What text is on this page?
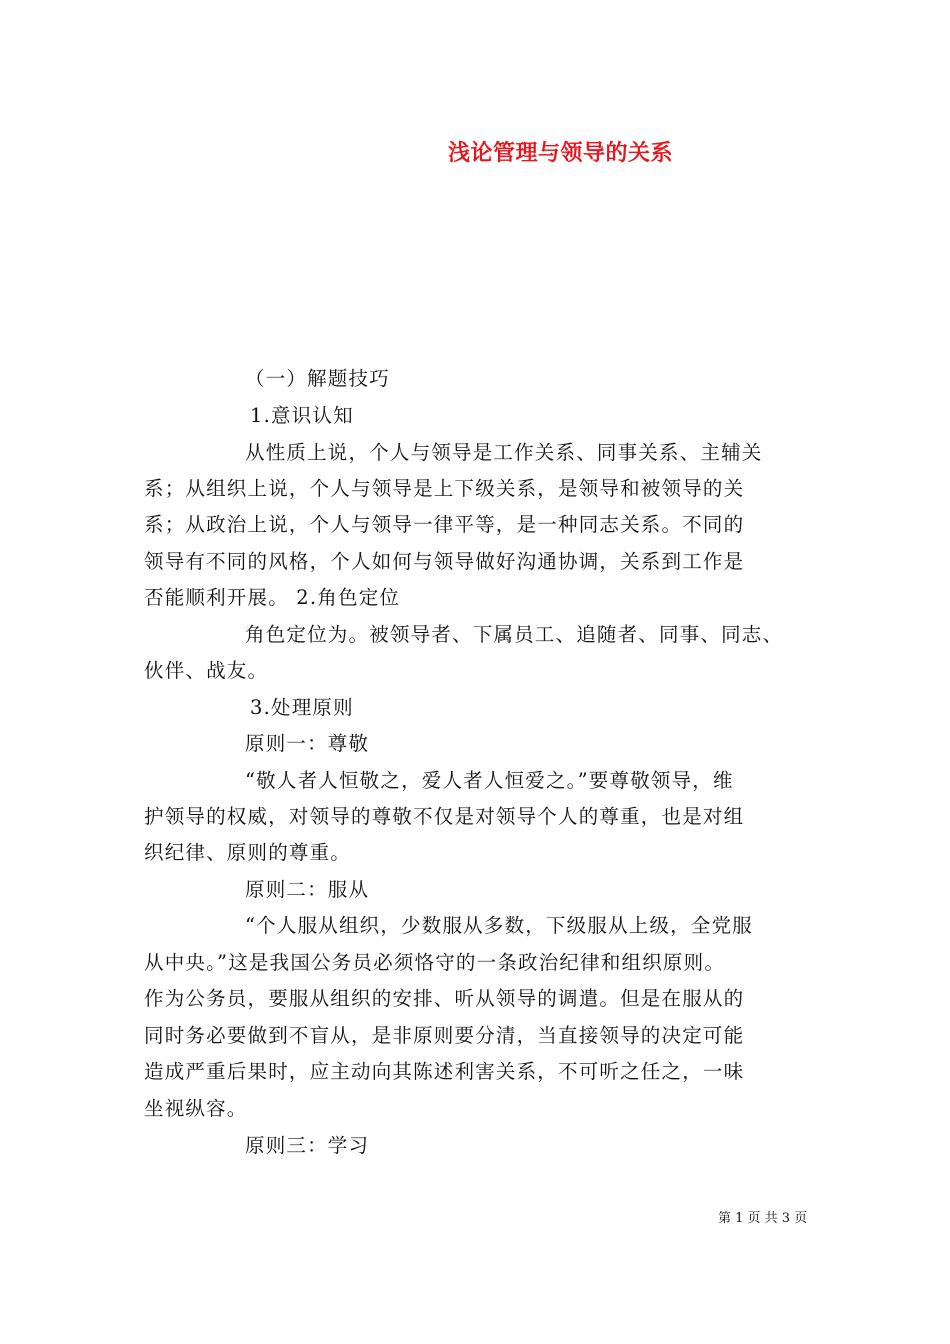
浅论管理与领导的关系
（一）解题技巧
1.意识认知
从性质上说，个人与领导是工作关系、同事关系、主辅关
系；从组织上说，个人与领导是上下级关系，是领导和被领导的关
系；从政治上说，个人与领导一律平等，是一种同志关系。不同的
领导有不同的风格，个人如何与领导做好沟通协调，关系到工作是
否能顺利开展。 2.角色定位
角色定位为。被领导者、下属员工、追随者、同事、同志、
伙伴、战友。
3.处理原则
原则一：尊敬
“敬人者人恒敬之，爱人者人恒爱之。”要尊敬领导，维
护领导的权威，对领导的尊敬不仅是对领导个人的尊重，也是对组
织纪律、原则的尊重。
原则二：服从
“个人服从组织，少数服从多数，下级服从上级，全党服
从中央。”这是我国公务员必须恪守的一条政治纪律和组织原则。
作为公务员，要服从组织的安排、听从领导的调遣。但是在服从的
同时务必要做到不盲从，是非原则要分清，当直接领导的决定可能
造成严重后果时，应主动向其陈述利害关系，不可听之任之，一味
坐视纵容。
原则三：学习
第 1 页 共 3 页
